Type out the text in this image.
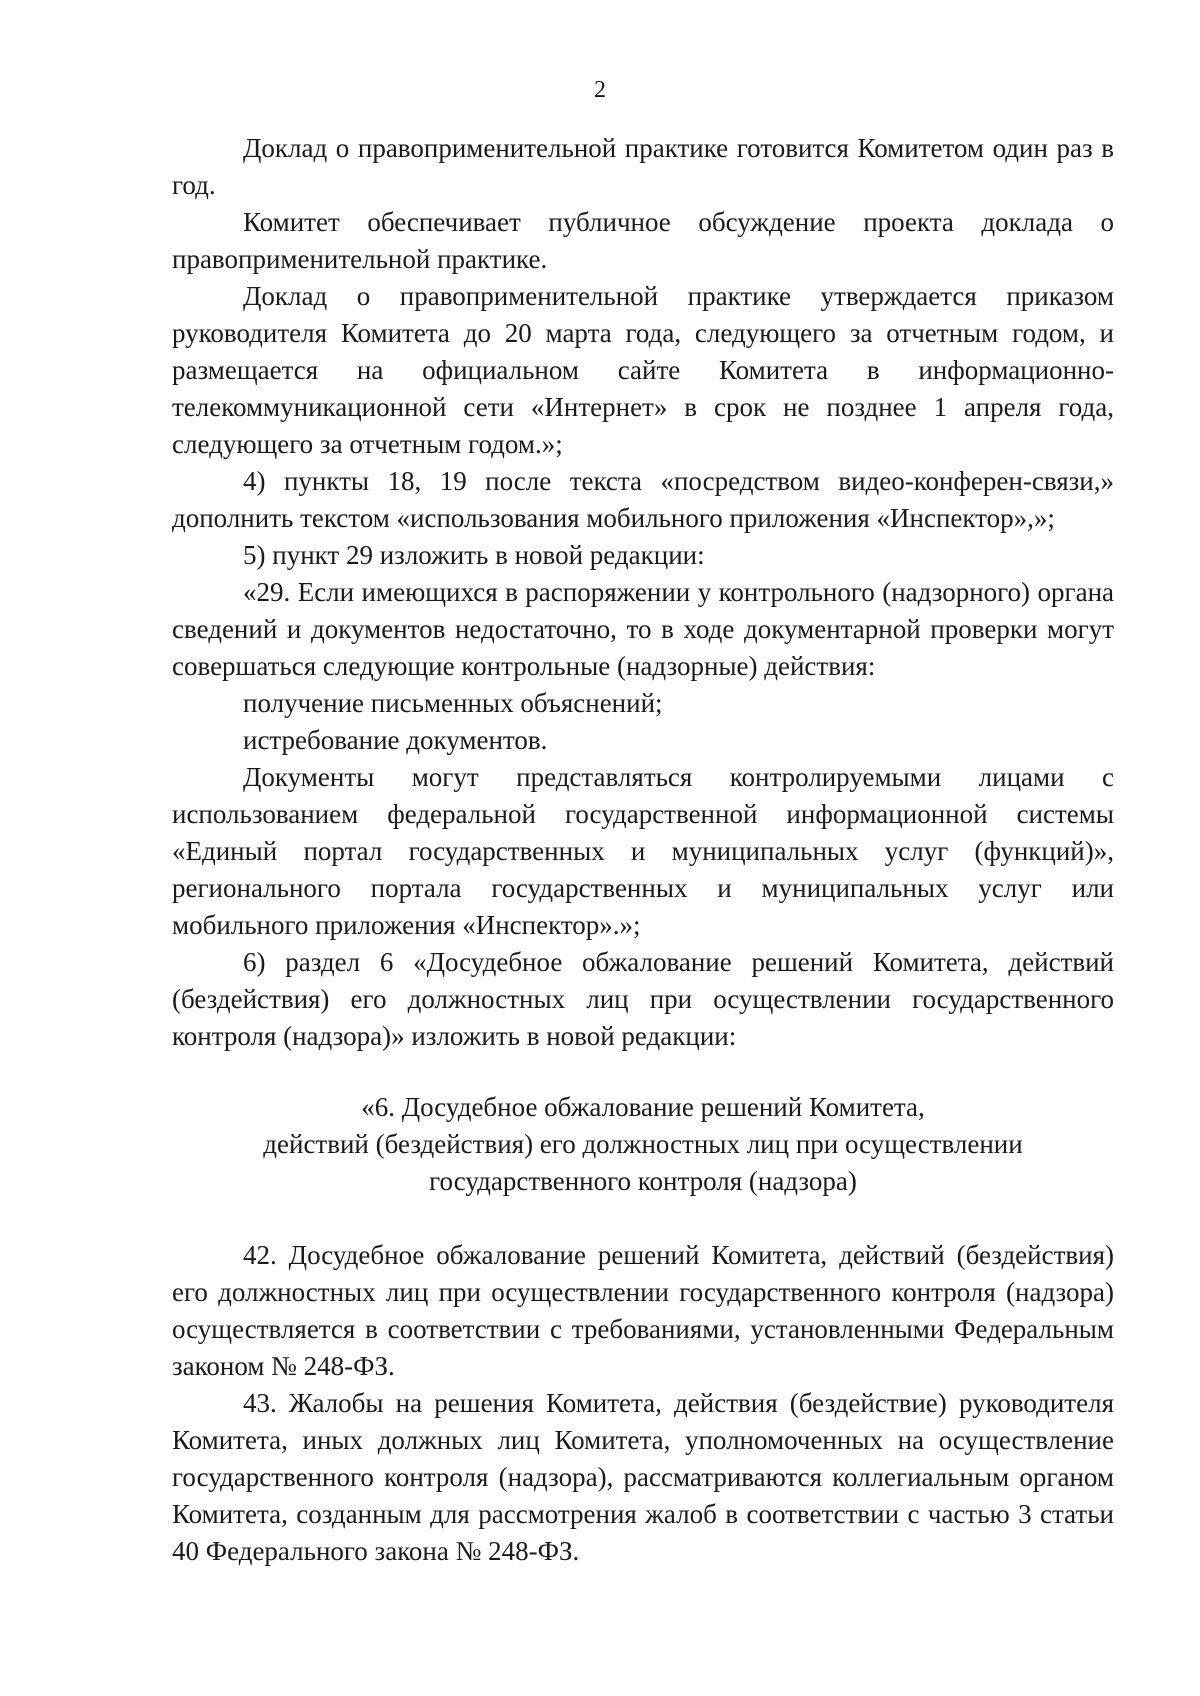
2

Доклад о правоприменительной практике готовится Комитетом один раз в год.

Комитет обеспечивает публичное обсуждение проекта доклада о правоприменительной практике.

Доклад о правоприменительной практике утверждается приказом руководителя Комитета до 20 марта года, следующего за отчетным годом, и размещается на официальном сайте Комитета в информационно-телекоммуникационной сети «Интернет» в срок не позднее 1 апреля года, следующего за отчетным годом.»;

4) пункты 18, 19 после текста «посредством видео-конферен-связи,» дополнить текстом «использования мобильного приложения «Инспектор»,»;

5) пункт 29 изложить в новой редакции:

«29. Если имеющихся в распоряжении у контрольного (надзорного) органа сведений и документов недостаточно, то в ходе документарной проверки могут совершаться следующие контрольные (надзорные) действия:

получение письменных объяснений;

истребование документов.

Документы могут представляться контролируемыми лицами с использованием федеральной государственной информационной системы «Единый портал государственных и муниципальных услуг (функций)», регионального портала государственных и муниципальных услуг или мобильного приложения «Инспектор».»;

6) раздел 6 «Досудебное обжалование решений Комитета, действий (бездействия) его должностных лиц при осуществлении государственного контроля (надзора)» изложить в новой редакции:

«6. Досудебное обжалование решений Комитета,
действий (бездействия) его должностных лиц при осуществлении
государственного контроля (надзора)

42. Досудебное обжалование решений Комитета, действий (бездействия) его должностных лиц при осуществлении государственного контроля (надзора) осуществляется в соответствии с требованиями, установленными Федеральным законом № 248-ФЗ.

43. Жалобы на решения Комитета, действия (бездействие) руководителя Комитета, иных должных лиц Комитета, уполномоченных на осуществление государственного контроля (надзора), рассматриваются коллегиальным органом Комитета, созданным для рассмотрения жалоб в соответствии с частью 3 статьи 40 Федерального закона № 248-ФЗ.
